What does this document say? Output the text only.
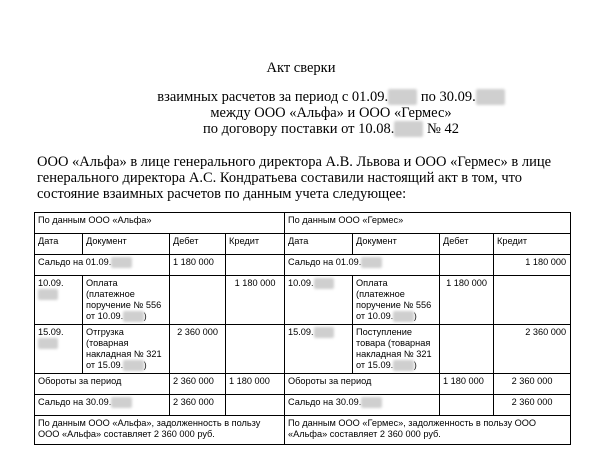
Акт сверки
взаимных расчетов за период с 01.09. по 30.09.
между ООО «Альфа» и ООО «Гермес»
по договору поставки от 10.08. № 42

ООО «Альфа» в лице генерального директора А.В. Львова и ООО «Гермес» в лице генерального директора А.С. Кондратьева составили настоящий акт в том, что состояние взаимных расчетов по данным учета следующее:

По данным ООО «Альфа»				По данным ООО «Гермес»			
Дата	Документ	Дебет	Кредит	Дата	Документ	Дебет	Кредит
Сальдо на 01.09.		1 180 000		Сальдо на 01.09.			1 180 000
10.09.	Оплата (платежное поручение № 556 от 10.09. )		1 180 000	10.09.	Оплата (платежное поручение № 556 от 10.09. )	1 180 000	
15.09.	Отгрузка (товарная накладная № 321 от 15.09. )	2 360 000		15.09.	Поступление товара (товарная накладная № 321 от 15.09. )		2 360 000
Обороты за период		2 360 000	1 180 000	Обороты за период		1 180 000	2 360 000
Сальдо на 30.09.		2 360 000		Сальдо на 30.09.			2 360 000
По данным ООО «Альфа», задолженность в пользу ООО «Альфа» составляет 2 360 000 руб.				По данным ООО «Гермес», задолженность в пользу ООО «Альфа» составляет 2 360 000 руб.			
